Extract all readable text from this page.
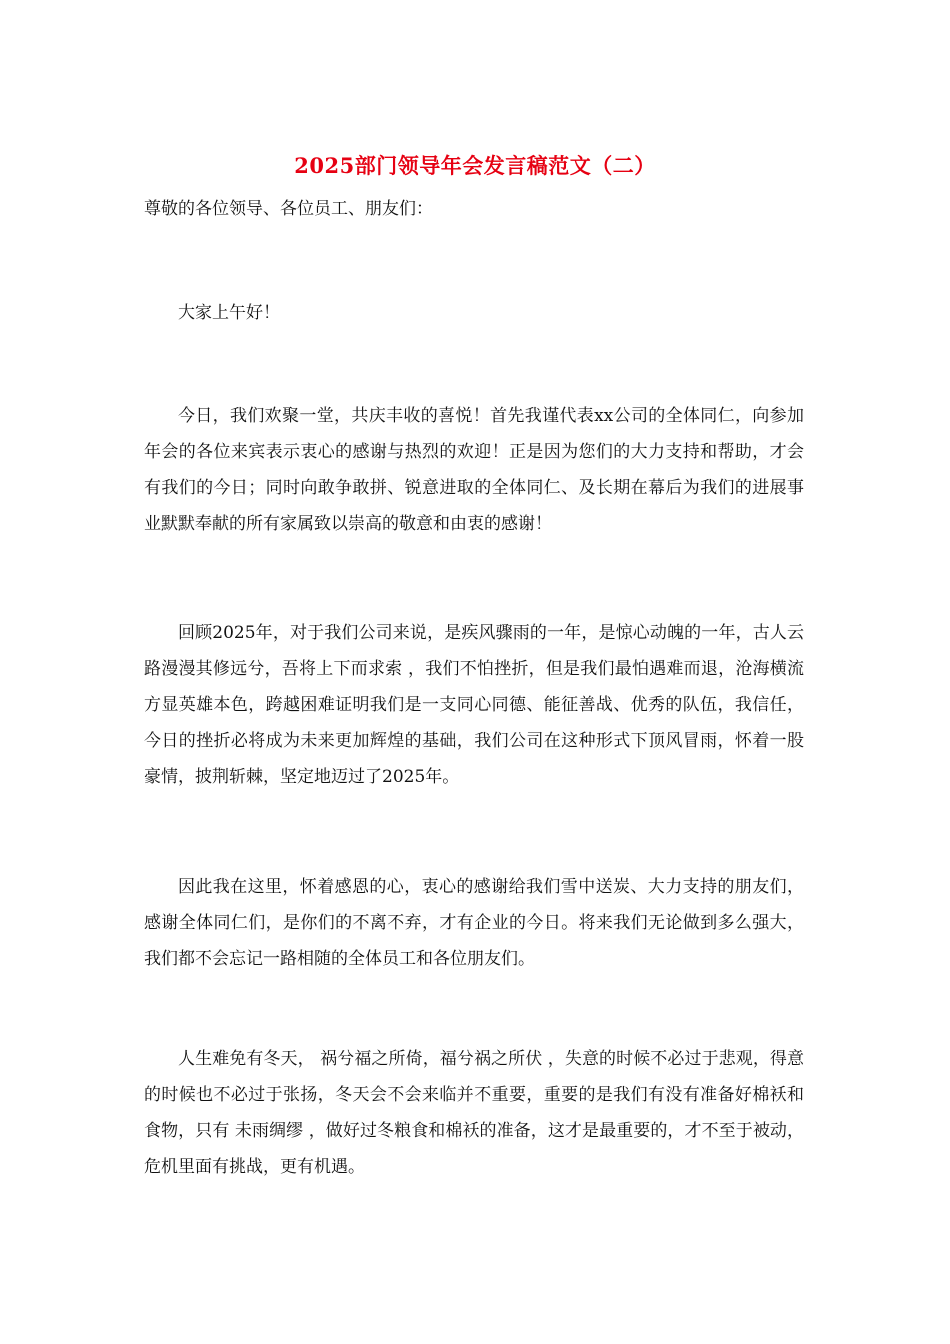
2025部门领导年会发言稿范文（二）
尊敬的各位领导、各位员工、朋友们：

大家上午好！

今日，我们欢聚一堂，共庆丰收的喜悦！首先我谨代表xx公司的全体同仁，向参加年会的各位来宾表示衷心的感谢与热烈的欢迎！正是因为您们的大力支持和帮助，才会有我们的今日；同时向敢争敢拼、锐意进取的全体同仁、及长期在幕后为我们的进展事业默默奉献的所有家属致以崇高的敬意和由衷的感谢！

回顾2025年，对于我们公司来说，是疾风骤雨的一年，是惊心动魄的一年，古人云 路漫漫其修远兮，吾将上下而求索 ，我们不怕挫折，但是我们最怕遇难而退，沧海横流方显英雄本色，跨越困难证明我们是一支同心同德、能征善战、优秀的队伍，我信任，今日的挫折必将成为未来更加辉煌的基础，我们公司在这种形式下顶风冒雨，怀着一股豪情，披荆斩棘，坚定地迈过了2025年。

因此我在这里，怀着感恩的心，衷心的感谢给我们雪中送炭、大力支持的朋友们，感谢全体同仁们，是你们的不离不弃，才有企业的今日。将来我们无论做到多么强大，我们都不会忘记一路相随的全体员工和各位朋友们。

人生难免有冬天， 祸兮福之所倚，福兮祸之所伏 ，失意的时候不必过于悲观，得意的时候也不必过于张扬，冬天会不会来临并不重要，重要的是我们有没有准备好棉袄和食物，只有 未雨绸缪 ，做好过冬粮食和棉袄的准备，这才是最重要的，才不至于被动，危机里面有挑战，更有机遇。
